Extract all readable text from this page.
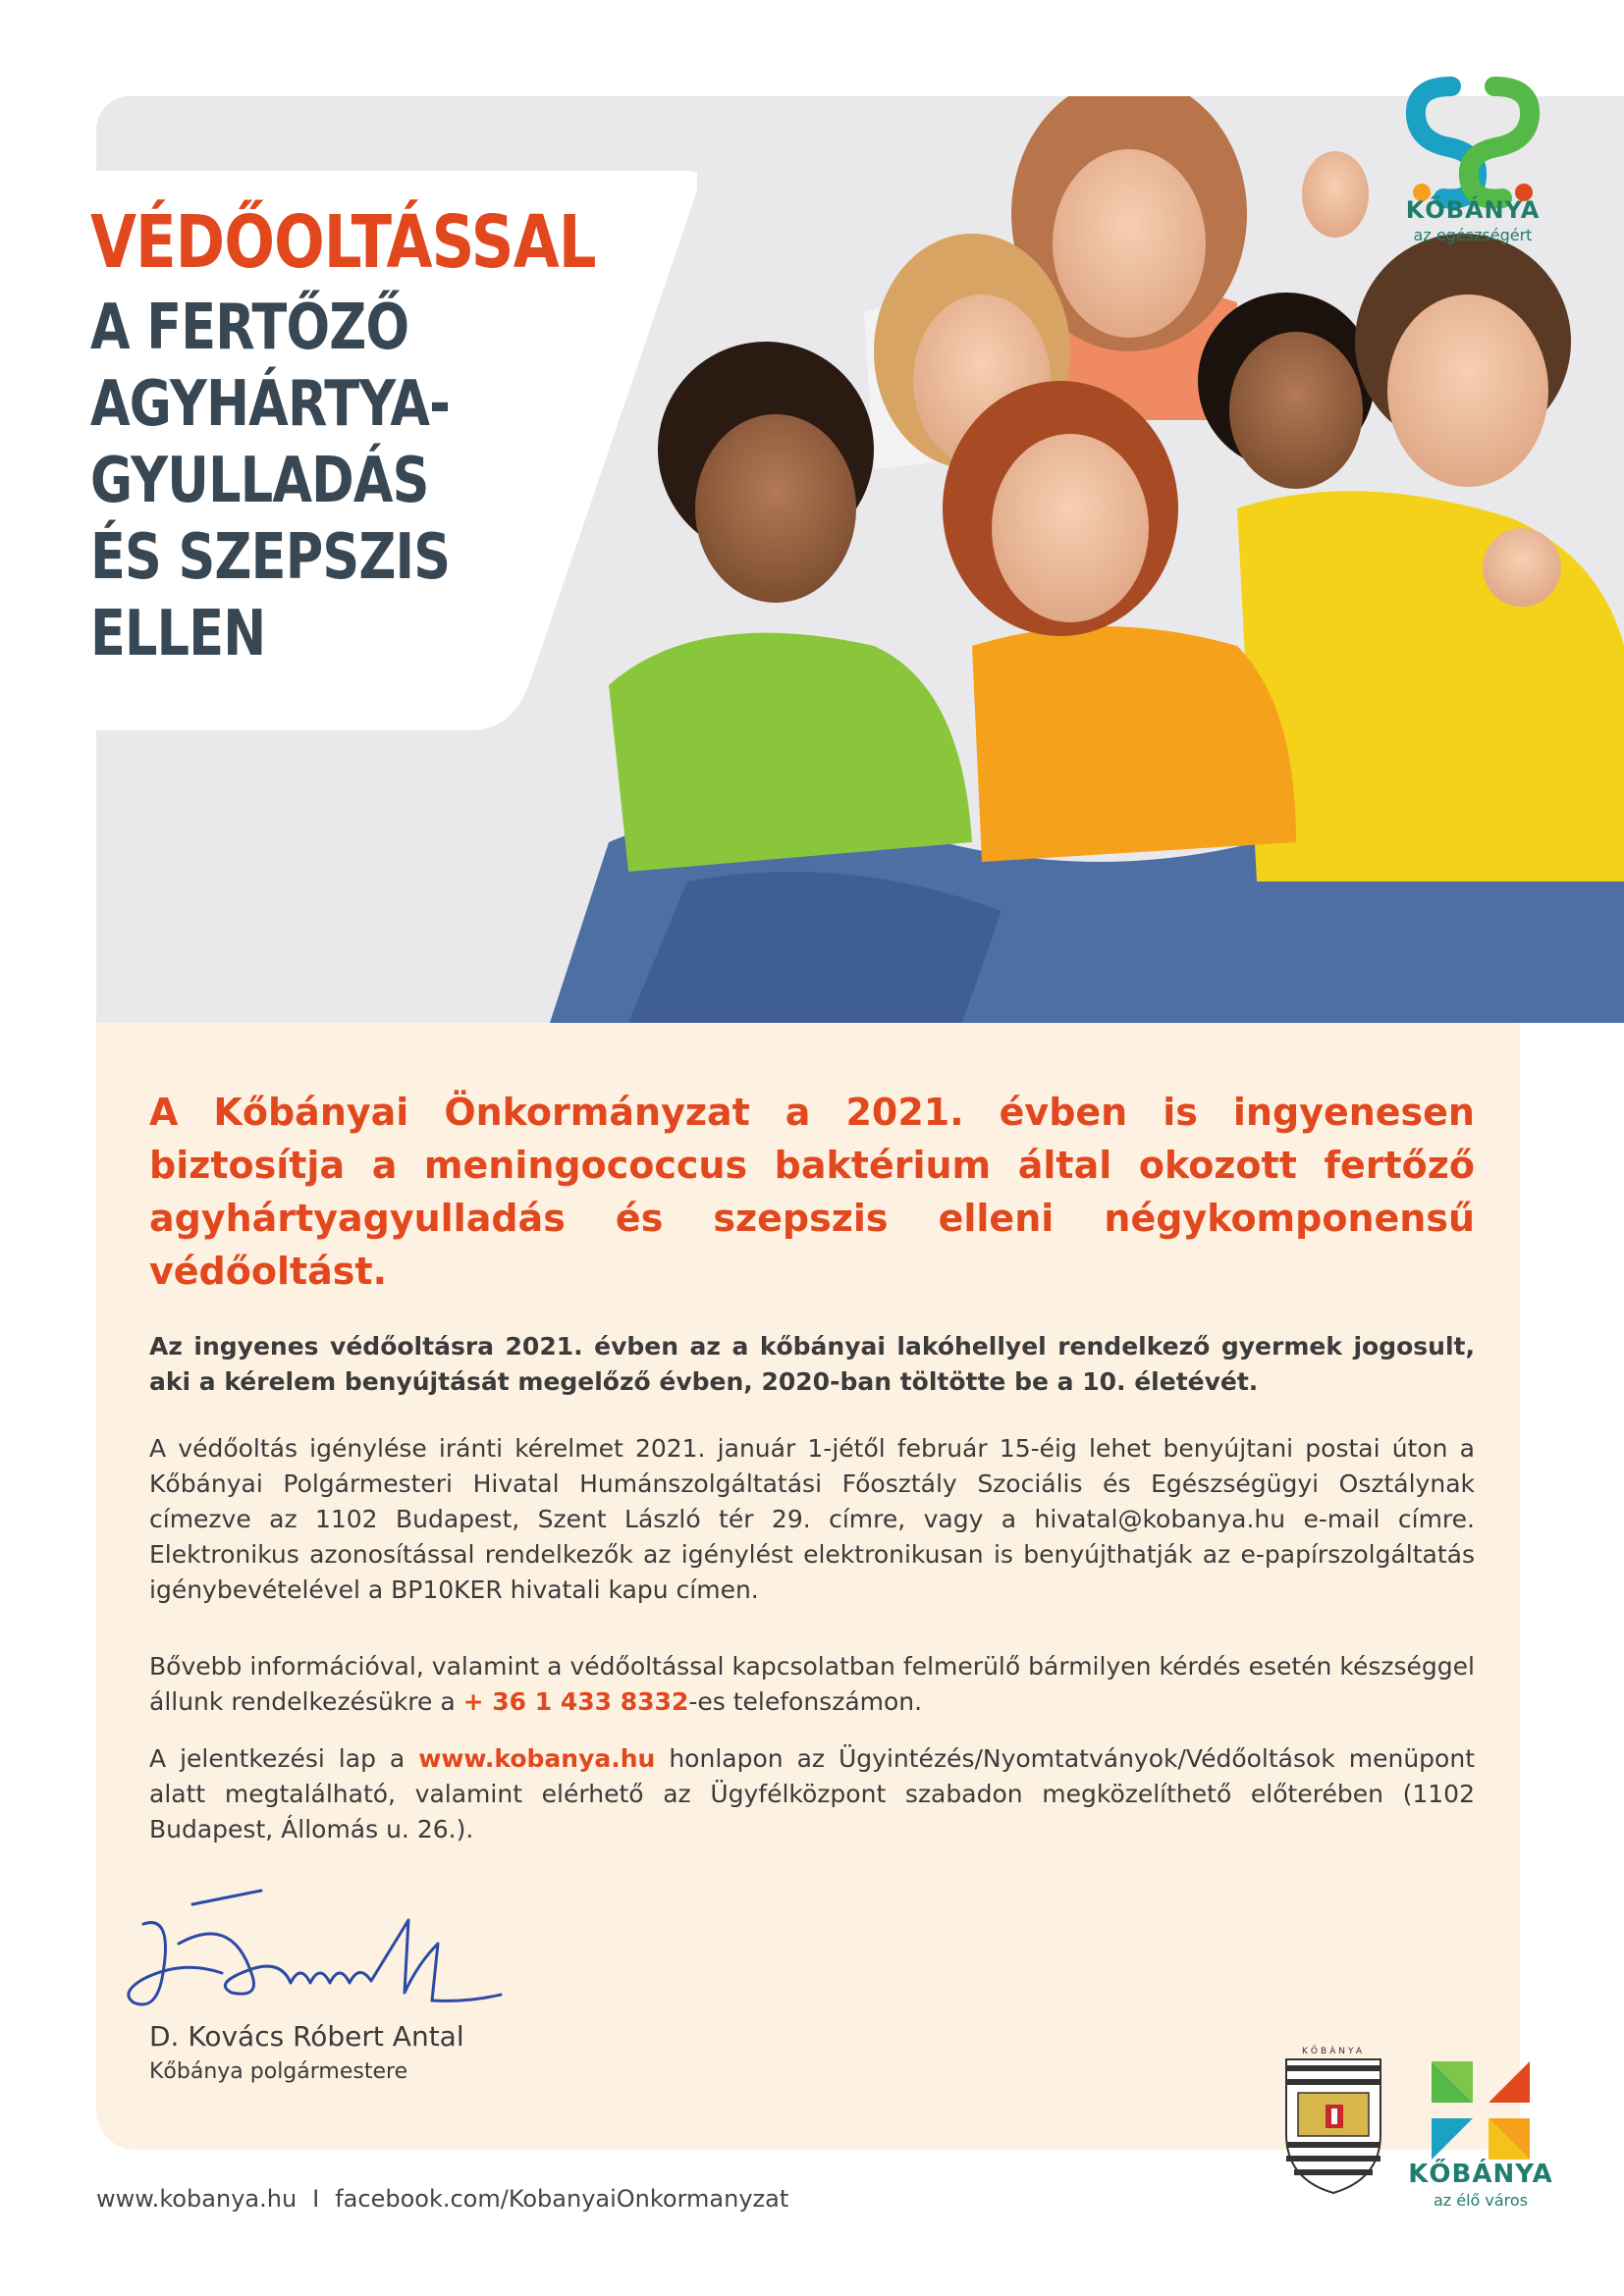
VÉDŐOLTÁSSAL
A FERTŐZŐ
AGYHÁRTYA-
GYULLADÁS
ÉS SZEPSZIS
ELLEN
KŐBÁNYA
az egészségért

A Kőbányai Önkormányzat a 2021. évben is ingyenesen biztosítja a meningococcus baktérium által okozott fertőző agyhártyagyulladás és szepszis elleni négykomponensű védőoltást.

Az ingyenes védőoltásra 2021. évben az a kőbányai lakóhellyel rendelkező gyermek jogosult, aki a kérelem benyújtását megelőző évben, 2020-ban töltötte be a 10. életévét.

A védőoltás igénylése iránti kérelmet 2021. január 1-jétől február 15-éig lehet benyújtani postai úton a Kőbányai Polgármesteri Hivatal Humánszolgáltatási Főosztály Szociális és Egészségügyi Osztálynak címezve az 1102 Budapest, Szent László tér 29. címre, vagy a hivatal@kobanya.hu e-mail címre. Elektronikus azonosítással rendelkezők az igénylést elektronikusan is benyújthatják az e-papírszolgáltatás igénybevételével a BP10KER hivatali kapu címen.

Bővebb információval, valamint a védőoltással kapcsolatban felmerülő bármilyen kérdés esetén készséggel állunk rendelkezésükre a + 36 1 433 8332-es telefonszámon.

A jelentkezési lap a www.kobanya.hu honlapon az Ügyintézés/Nyomtatványok/Védőoltások menüpont alatt megtalálható, valamint elérhető az Ügyfélközpont szabadon megközelíthető előterében (1102 Budapest, Állomás u. 26.).

D. Kovács Róbert Antal
Kőbánya polgármestere
www.kobanya.hu I facebook.com/KobanyaiOnkormanyzat
KŐBÁNYA
KŐBÁNYA
az élő város
